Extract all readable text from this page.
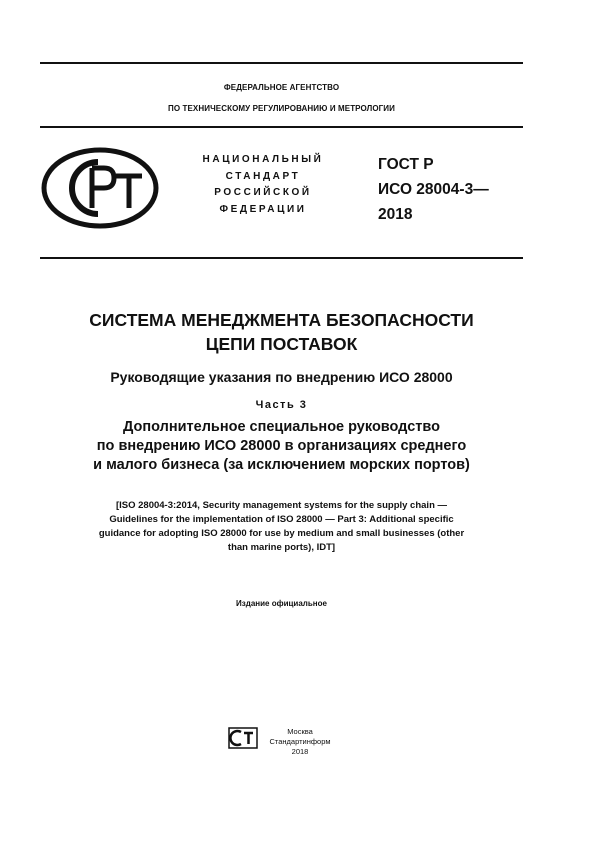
ФЕДЕРАЛЬНОЕ АГЕНТСТВО
ПО ТЕХНИЧЕСКОМУ РЕГУЛИРОВАНИЮ И МЕТРОЛОГИИ
НАЦИОНАЛЬНЫЙ
СТАНДАРТ
РОССИЙСКОЙ
ФЕДЕРАЦИИ
ГОСТ Р
ИСО 28004-3—
2018
СИСТЕМА МЕНЕДЖМЕНТА БЕЗОПАСНОСТИ
ЦЕПИ ПОСТАВОК
Руководящие указания по внедрению ИСО 28000
Часть 3
Дополнительное специальное руководство
по внедрению ИСО 28000 в организациях среднего
и малого бизнеса (за исключением морских портов)
[ISO 28004-3:2014, Security management systems for the supply chain —
Guidelines for the implementation of ISO 28000 — Part 3: Additional specific
guidance for adopting ISO 28000 for use by medium and small businesses (other
than marine ports), IDT]
Издание официальное
Москва
Стандартинформ
2018
